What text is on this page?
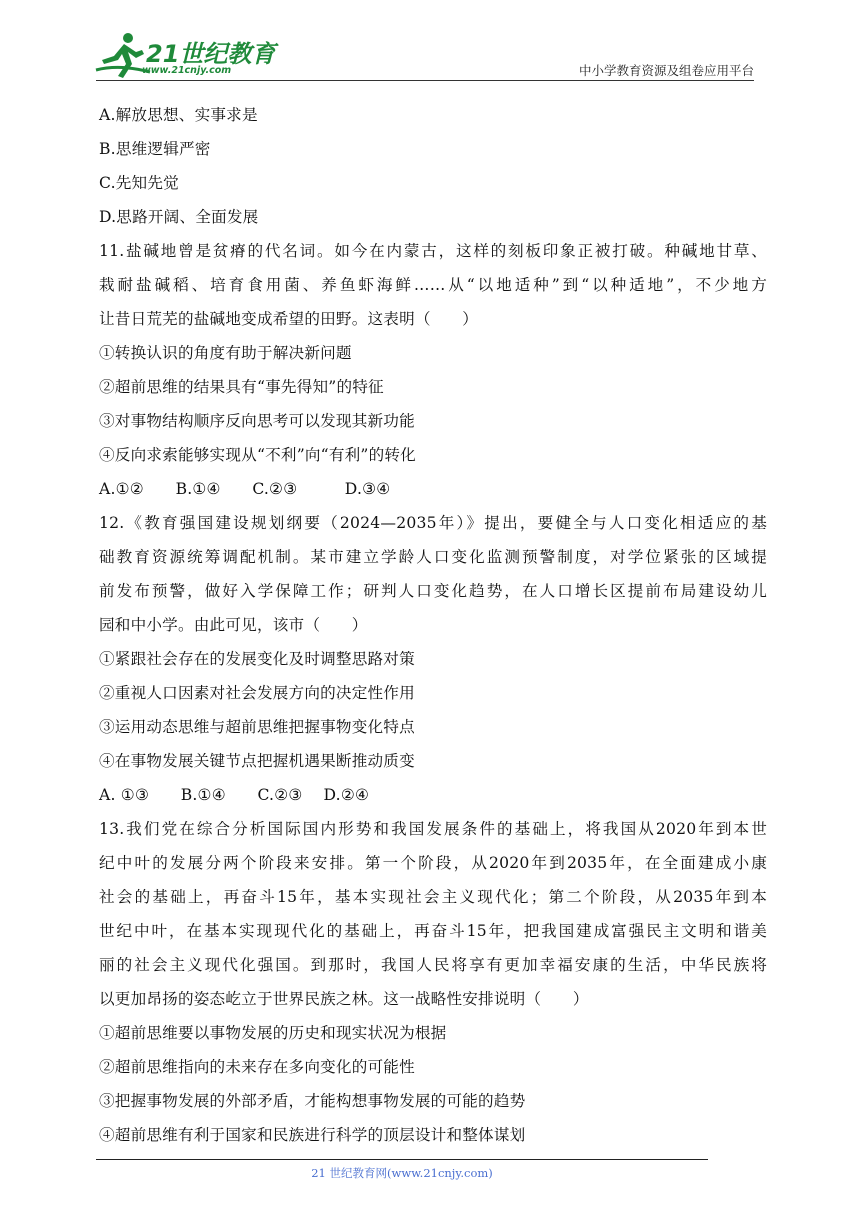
21世纪教育
www.21cnjy.com	中小学教育资源及组卷应用平台
A.解放思想、实事求是
B.思维逻辑严密
C.先知先觉
D.思路开阔、全面发展
11.盐碱地曾是贫瘠的代名词。如今在内蒙古，这样的刻板印象正被打破。种碱地甘草、
栽耐盐碱稻、培育食用菌、养鱼虾海鲜……从“以地适种”到“以种适地”，不少地方
让昔日荒芜的盐碱地变成希望的田野。这表明（　　）
①转换认识的角度有助于解决新问题
②超前思维的结果具有“事先得知”的特征
③对事物结构顺序反向思考可以发现其新功能
④反向求索能够实现从“不利”向“有利”的转化
A.①②　　B.①④　　C.②③　　　D.③④
12.《教育强国建设规划纲要（2024—2035年）》提出，要健全与人口变化相适应的基
础教育资源统筹调配机制。某市建立学龄人口变化监测预警制度，对学位紧张的区域提
前发布预警，做好入学保障工作；研判人口变化趋势，在人口增长区提前布局建设幼儿
园和中小学。由此可见，该市（　　）
①紧跟社会存在的发展变化及时调整思路对策
②重视人口因素对社会发展方向的决定性作用
③运用动态思维与超前思维把握事物变化特点
④在事物发展关键节点把握机遇果断推动质变
A. ①③　　B.①④　　C.②③　 D.②④
13.我们党在综合分析国际国内形势和我国发展条件的基础上，将我国从2020年到本世
纪中叶的发展分两个阶段来安排。第一个阶段，从2020年到2035年，在全面建成小康
社会的基础上，再奋斗15年，基本实现社会主义现代化；第二个阶段，从2035年到本
世纪中叶，在基本实现现代化的基础上，再奋斗15年，把我国建成富强民主文明和谐美
丽的社会主义现代化强国。到那时，我国人民将享有更加幸福安康的生活，中华民族将
以更加昂扬的姿态屹立于世界民族之林。这一战略性安排说明（　　）
①超前思维要以事物发展的历史和现实状况为根据
②超前思维指向的未来存在多向变化的可能性
③把握事物发展的外部矛盾，才能构想事物发展的可能的趋势
④超前思维有利于国家和民族进行科学的顶层设计和整体谋划
21 世纪教育网(www.21cnjy.com)
